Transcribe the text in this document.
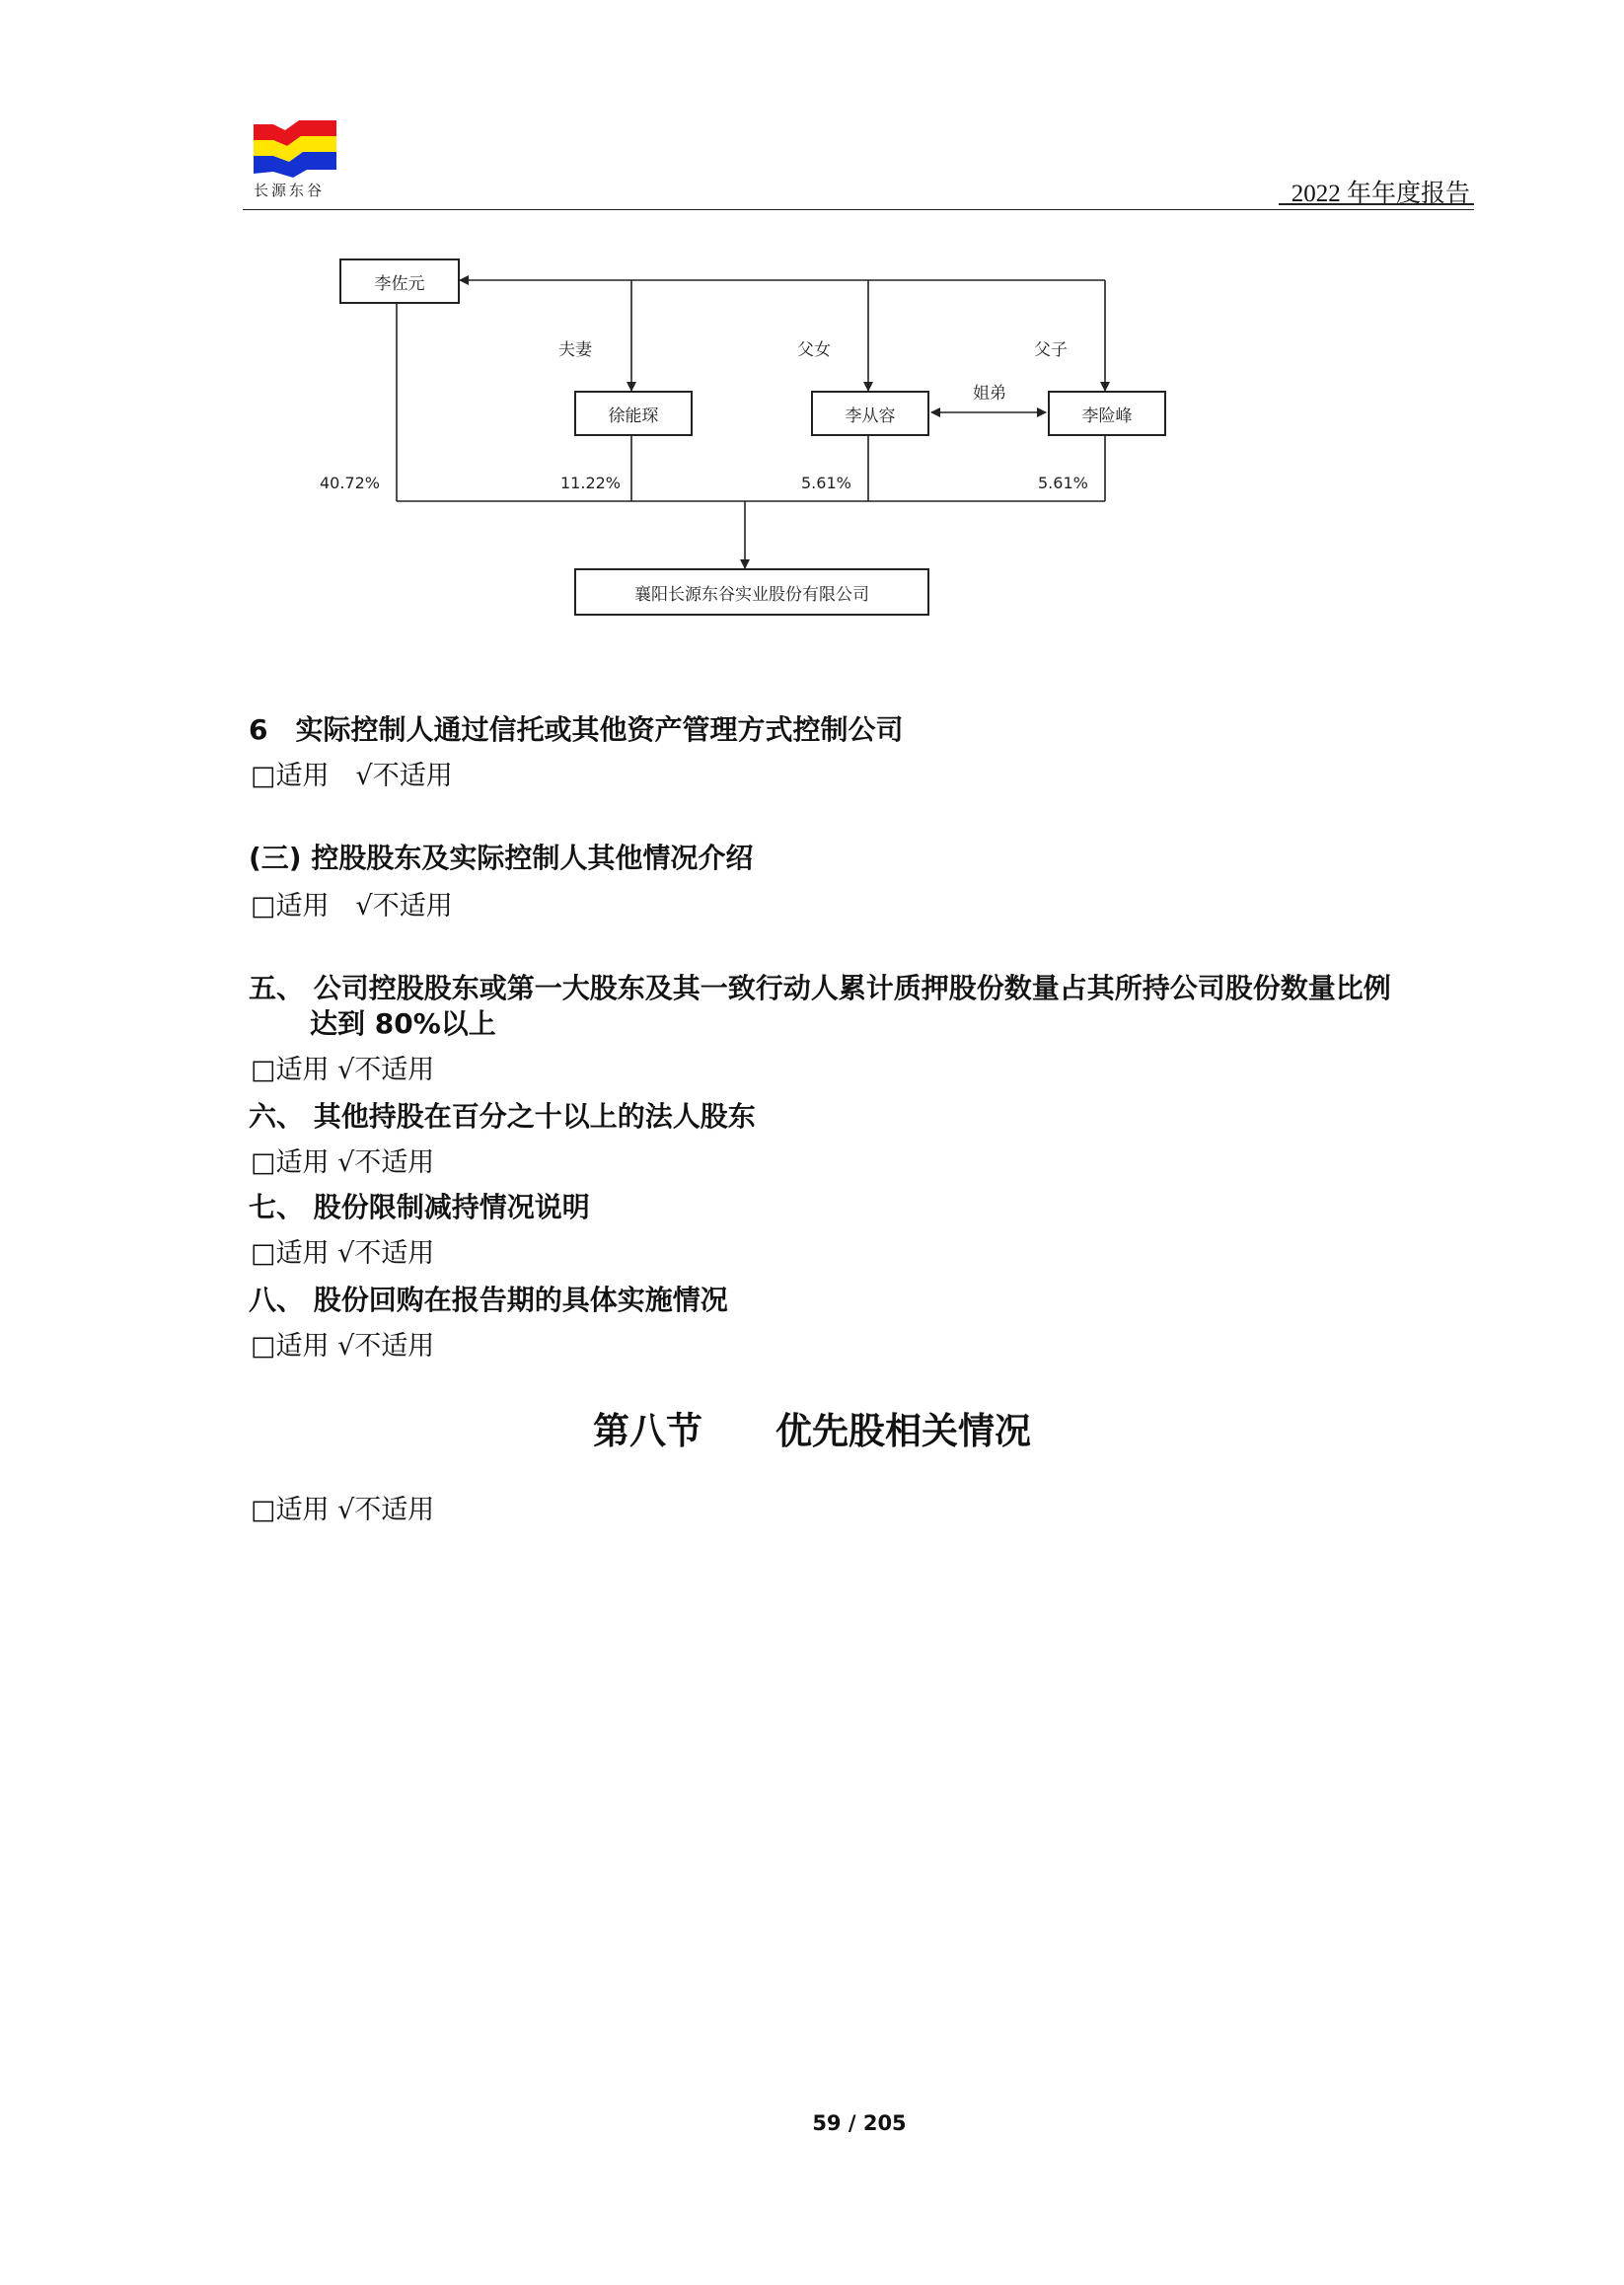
长源东谷	2022 年年度报告
李佐元
徐能琛	李从容	李险峰
襄阳长源东谷实业股份有限公司
夫妻	父女	父子
姐弟
40.72%	11.22%	5.61%	5.61%
6　实际控制人通过信托或其他资产管理方式控制公司
□适用　√不适用
(三) 控股股东及实际控制人其他情况介绍
□适用　√不适用
五、 公司控股股东或第一大股东及其一致行动人累计质押股份数量占其所持公司股份数量比例
达到 80%以上
□适用 √不适用
六、 其他持股在百分之十以上的法人股东
□适用 √不适用
七、 股份限制减持情况说明
□适用 √不适用
八、 股份回购在报告期的具体实施情况
□适用 √不适用
第八节　　优先股相关情况
□适用 √不适用
59 / 205
